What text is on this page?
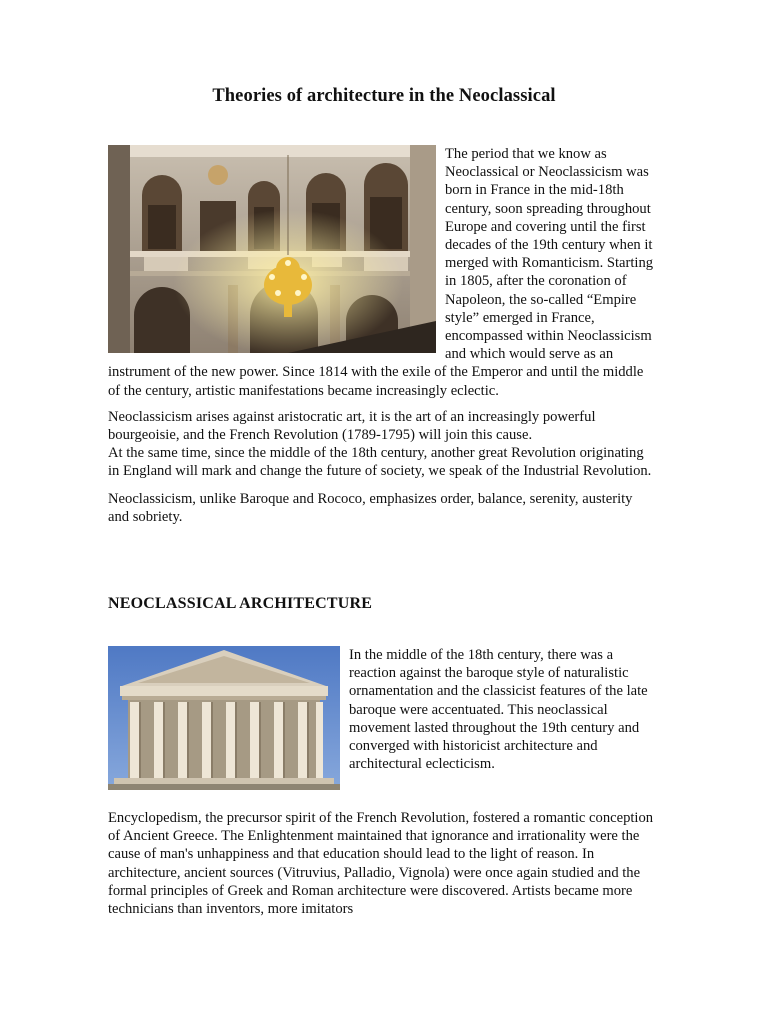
Theories of architecture in the Neoclassical

The period that we know as Neoclassical or Neoclassicism was born in France in the mid-18th century, soon spreading throughout Europe and covering until the first decades of the 19th century when it merged with Romanticism. Starting in 1805, after the coronation of Napoleon, the so-called “Empire style” emerged in France, encompassed within Neoclassicism and which would serve as an instrument of the new power. Since 1814 with the exile of the Emperor and until the middle of the century, artistic manifestations became increasingly eclectic.

Neoclassicism arises against aristocratic art, it is the art of an increasingly powerful bourgeoisie, and the French Revolution (1789-1795) will join this cause.
At the same time, since the middle of the 18th century, another great Revolution originating in England will mark and change the future of society, we speak of the Industrial Revolution.

Neoclassicism, unlike Baroque and Rococo, emphasizes order, balance, serenity, austerity and sobriety.

NEOCLASSICAL ARCHITECTURE

In the middle of the 18th century, there was a reaction against the baroque style of naturalistic ornamentation and the classicist features of the late baroque were accentuated. This neoclassical movement lasted throughout the 19th century and converged with historicist architecture and architectural eclecticism.

Encyclopedism, the precursor spirit of the French Revolution, fostered a romantic conception of Ancient Greece. The Enlightenment maintained that ignorance and irrationality were the cause of man's unhappiness and that education should lead to the light of reason. In architecture, ancient sources (Vitruvius, Palladio, Vignola) were once again studied and the formal principles of Greek and Roman architecture were discovered. Artists became more technicians than inventors, more imitators
